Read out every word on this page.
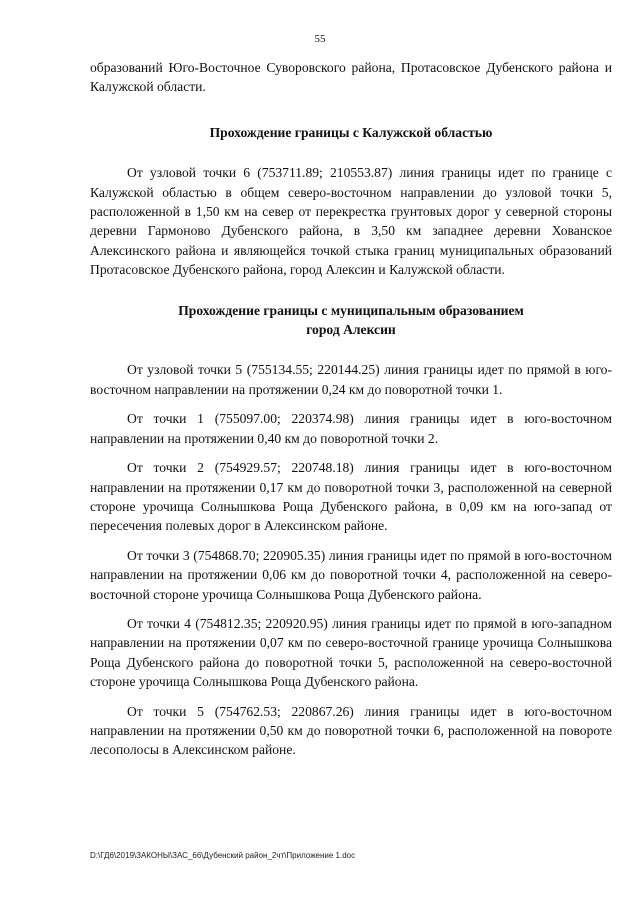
55

образований Юго-Восточное Суворовского района, Протасовское Дубенского района и Калужской области.

Прохождение границы с Калужской областью

От узловой точки 6 (753711.89; 210553.87) линия границы идет по границе с Калужской областью в общем северо-восточном направлении до узловой точки 5, расположенной в 1,50 км на север от перекрестка грунтовых дорог у северной стороны деревни Гармоново Дубенского района, в 3,50 км западнее деревни Хованское Алексинского района и являющейся точкой стыка границ муниципальных образований Протасовское Дубенского района, город Алексин и Калужской области.

Прохождение границы с муниципальным образованием
город Алексин

От узловой точки 5 (755134.55; 220144.25) линия границы идет по прямой в юго-восточном направлении на протяжении 0,24 км до поворотной точки 1.

От точки 1 (755097.00; 220374.98) линия границы идет в юго-восточном направлении на протяжении 0,40 км до поворотной точки 2.

От точки 2 (754929.57; 220748.18) линия границы идет в юго-восточном направлении на протяжении 0,17 км до поворотной точки 3, расположенной на северной стороне урочища Солнышкова Роща Дубенского района, в 0,09 км на юго-запад от пересечения полевых дорог в Алексинском районе.

От точки 3 (754868.70; 220905.35) линия границы идет по прямой в юго-восточном направлении на протяжении 0,06 км до поворотной точки 4, расположенной на северо-восточной стороне урочища Солнышкова Роща Дубенского района.

От точки 4 (754812.35; 220920.95) линия границы идет по прямой в юго-западном направлении на протяжении 0,07 км по северо-восточной границе урочища Солнышкова Роща Дубенского района до поворотной точки 5, расположенной на северо-восточной стороне урочища Солнышкова Роща Дубенского района.

От точки 5 (754762.53; 220867.26) линия границы идет в юго-восточном направлении на протяжении 0,50 км до поворотной точки 6, расположенной на повороте лесополосы в Алексинском районе.

D:\ГД6\2019\ЗАКОНЫ\ЗАС_66\Дубенский район_2чт\Приложение 1.doc
